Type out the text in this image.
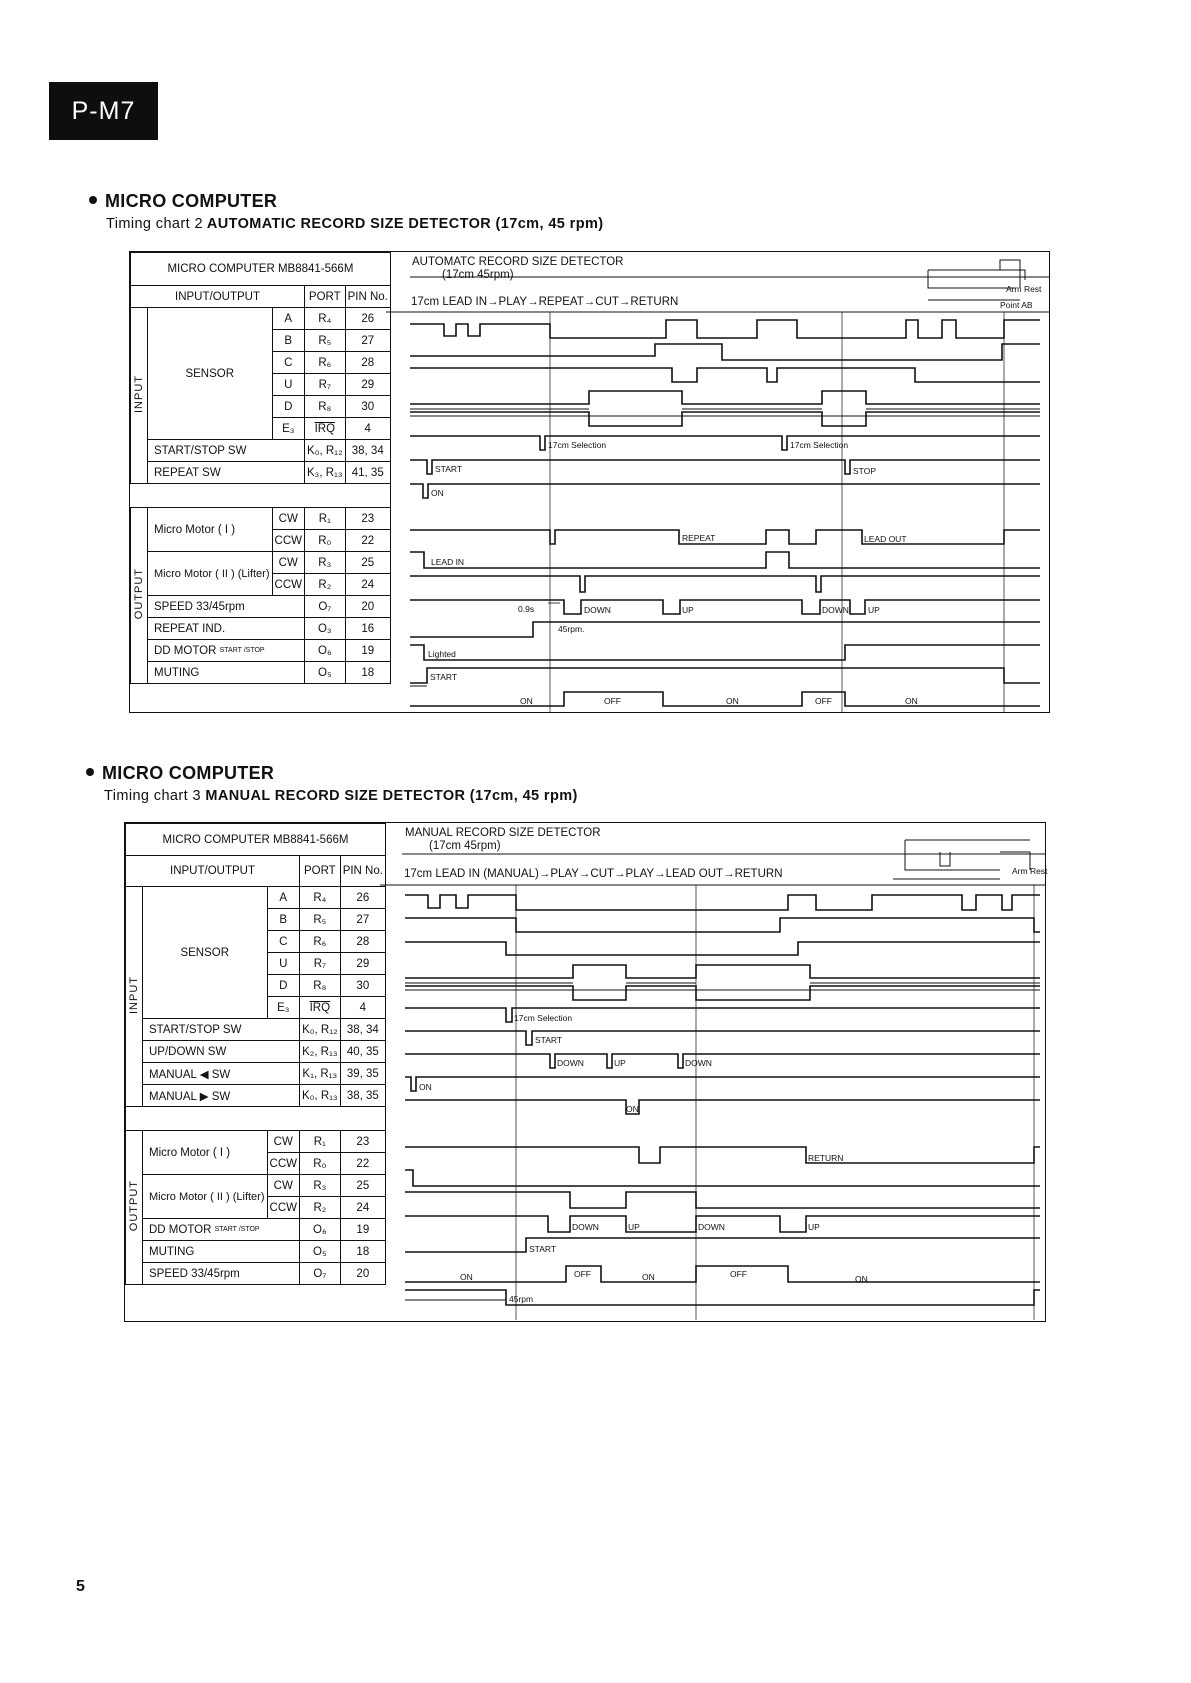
P-M7
MICRO COMPUTER
Timing chart 2 AUTOMATIC RECORD SIZE DETECTOR (17cm, 45 rpm)
MICRO COMPUTER MB8841-566M				
INPUT/OUTPUT			PORT	PIN No.
INPUT	SENSOR	A	R₄	26
		B	R₅	27
		C	R₆	28
		U	R₇	29
		D	R₈	30
		E₃	$\overline{IRQ}$	4
	START/STOP SW		K₀, R₁₂	38, 34
	REPEAT SW		K₃, R₁₃	41, 35

OUTPUT	Micro Motor ( I )	CW	R₁	23
		CCW	R₀	22
	Micro Motor ( II ) (Lifter)	CW	R₃	25
		CCW	R₂	24
	SPEED 33/45rpm		O₇	20
	REPEAT IND.		O₃	16
	DD MOTOR START /STOP		O₆	19
	MUTING		O₅	18
AUTOMATC RECORD SIZE DETECTOR
(17cm 45rpm)
17cm LEAD IN→PLAY→REPEAT→CUT→RETURN
Arm Rest
Point AB
17cm Selection	17cm Selection
START	STOP
ON
REPEAT	LEAD OUT
LEAD IN
0.9s	DOWN	UP	DOWN UP
45rpm.
Lighted
START
ON	OFF	ON	OFF	ON
MICRO COMPUTER
Timing chart 3 MANUAL RECORD SIZE DETECTOR (17cm, 45 rpm)
MICRO COMPUTER MB8841-566M				
INPUT/OUTPUT			PORT	PIN No.
INPUT	SENSOR	A	R₄	26
		B	R₅	27
		C	R₆	28
		U	R₇	29
		D	R₈	30
		E₃	$\overline{IRQ}$	4
	START/STOP SW		K₀, R₁₂	38, 34
	UP/DOWN SW		K₂, R₁₃	40, 35
	MANUAL ◀ SW		K₁, R₁₃	39, 35
	MANUAL ▶ SW		K₀, R₁₃	38, 35

OUTPUT	Micro Motor ( I )	CW	R₁	23
		CCW	R₀	22
	Micro Motor ( II ) (Lifter)	CW	R₃	25
		CCW	R₂	24
	DD MOTOR START /STOP		O₆	19
	MUTING		O₅	18
	SPEED 33/45rpm		O₇	20
MANUAL RECORD SIZE DETECTOR
(17cm 45rpm)
17cm LEAD IN (MANUAL)→PLAY→CUT→PLAY→LEAD OUT→RETURN	Arm Rest
17cm Selection
START
DOWN	UP	DOWN
ON
ON
RETURN
DOWN	UP	DOWN	UP
START
ON	OFF	ON	OFF	ON
45rpm
5
